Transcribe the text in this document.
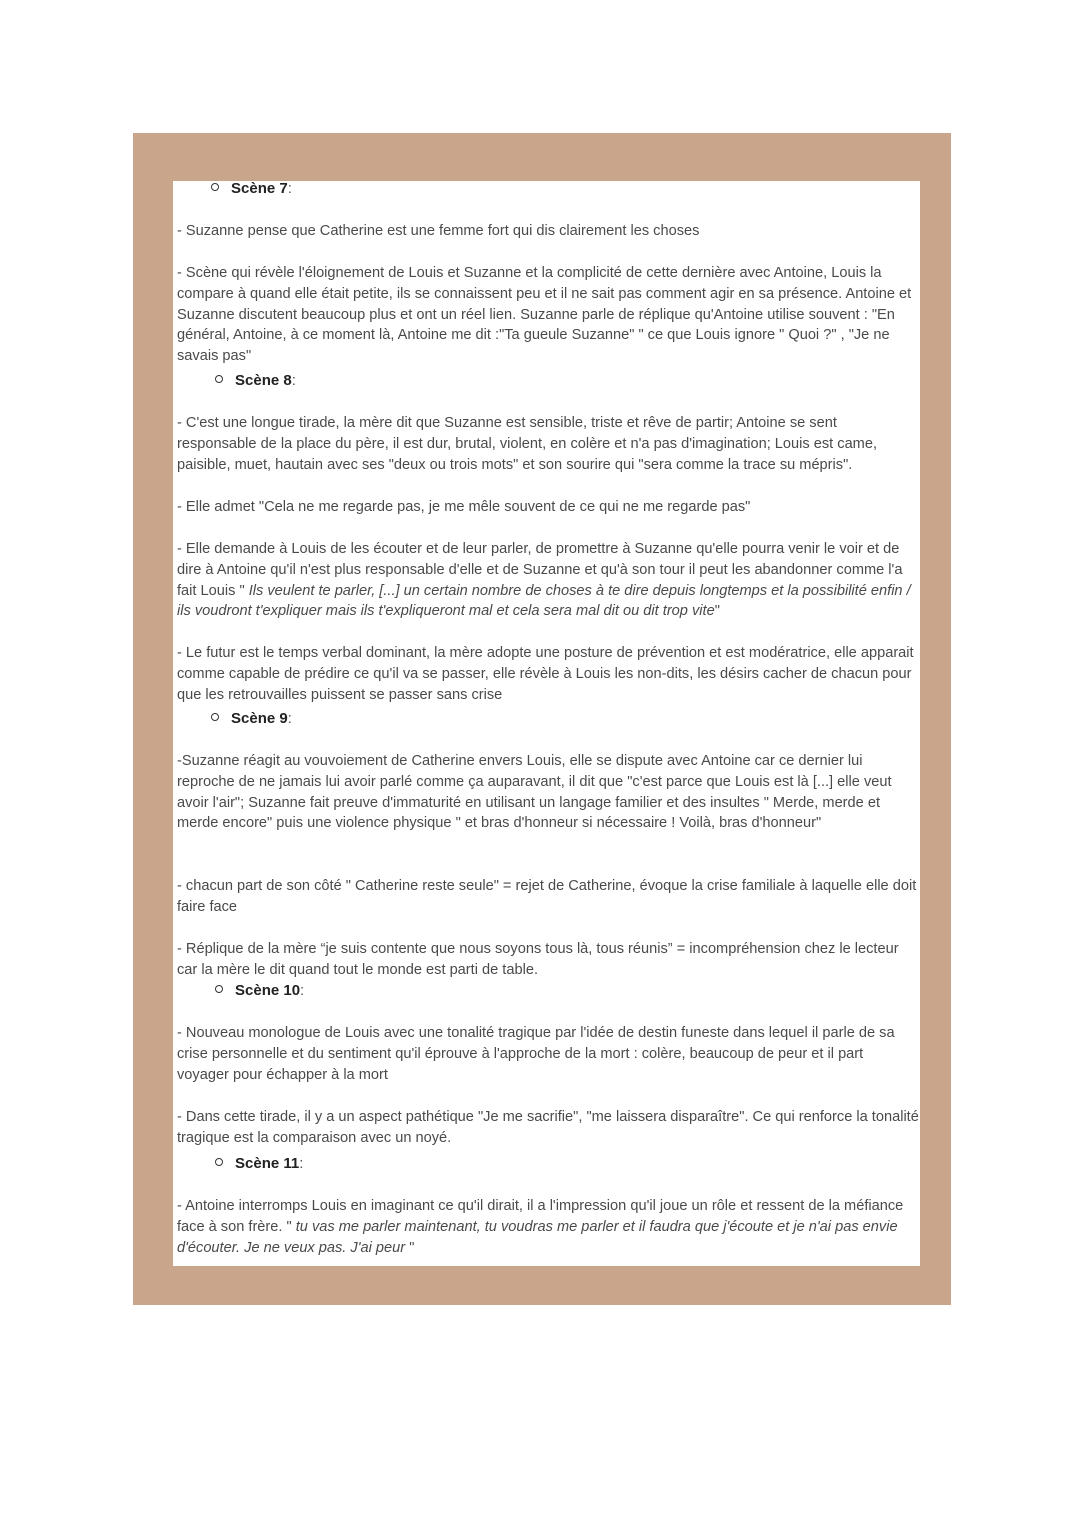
Scène 7:

- Suzanne pense que Catherine est une femme fort qui dis clairement les choses

- Scène qui révèle l'éloignement de Louis et Suzanne et la complicité de cette dernière avec Antoine, Louis la compare à quand elle était petite, ils se connaissent peu et il ne sait pas comment agir en sa présence. Antoine et Suzanne discutent beaucoup plus et ont un réel lien. Suzanne parle de réplique qu'Antoine utilise souvent : "En général, Antoine, à ce moment là, Antoine me dit :"Ta gueule Suzanne" " ce que Louis ignore " Quoi ?" , "Je ne savais pas"

Scène 8:

- C'est une longue tirade, la mère dit que Suzanne est sensible, triste et rêve de partir; Antoine se sent responsable de la place du père, il est dur, brutal, violent, en colère et n'a pas d'imagination; Louis est came, paisible, muet, hautain avec ses "deux ou trois mots" et son sourire qui "sera comme la trace su mépris".

- Elle admet "Cela ne me regarde pas, je me mêle souvent de ce qui ne me regarde pas"

- Elle demande à Louis de les écouter et de leur parler, de promettre à Suzanne qu'elle pourra venir le voir et de dire à Antoine qu'il n'est plus responsable d'elle et de Suzanne et qu'à son tour il peut les abandonner comme l'a fait Louis " Ils veulent te parler, [...] un certain nombre de choses à te dire depuis longtemps et la possibilité enfin / ils voudront t'expliquer mais ils t'expliqueront mal et cela sera mal dit ou dit trop vite"

- Le futur est le temps verbal dominant, la mère adopte une posture de prévention et est modératrice, elle apparait comme capable de prédire ce qu'il va se passer, elle révèle à Louis les non-dits, les désirs cacher de chacun pour que les retrouvailles puissent se passer sans crise

Scène 9:

-Suzanne réagit au vouvoiement de Catherine envers Louis, elle se dispute avec Antoine car ce dernier lui reproche de ne jamais lui avoir parlé comme ça auparavant, il dit que "c'est parce que Louis est là [...] elle veut avoir l'air"; Suzanne fait preuve d'immaturité en utilisant un langage familier et des insultes " Merde, merde et merde encore" puis une violence physique " et bras d'honneur si nécessaire ! Voilà, bras d'honneur"

- chacun part de son côté " Catherine reste seule" = rejet de Catherine, évoque la crise familiale à laquelle elle doit faire face

- Réplique de la mère “je suis contente que nous soyons tous là, tous réunis” = incompréhension chez le lecteur car la mère le dit quand tout le monde est parti de table.

Scène 10:

- Nouveau monologue de Louis avec une tonalité tragique par l'idée de destin funeste dans lequel il parle de sa crise personnelle et du sentiment qu'il éprouve à l'approche de la mort : colère, beaucoup de peur et il part voyager pour échapper à la mort

- Dans cette tirade, il y a un aspect pathétique "Je me sacrifie", "me laissera disparaître". Ce qui renforce la tonalité tragique est la comparaison avec un noyé.

Scène 11:

- Antoine interromps Louis en imaginant ce qu'il dirait, il a l'impression qu'il joue un rôle et ressent de la méfiance face à son frère. " tu vas me parler maintenant, tu voudras me parler et il faudra que j'écoute et je n'ai pas envie d'écouter. Je ne veux pas. J'ai peur "
